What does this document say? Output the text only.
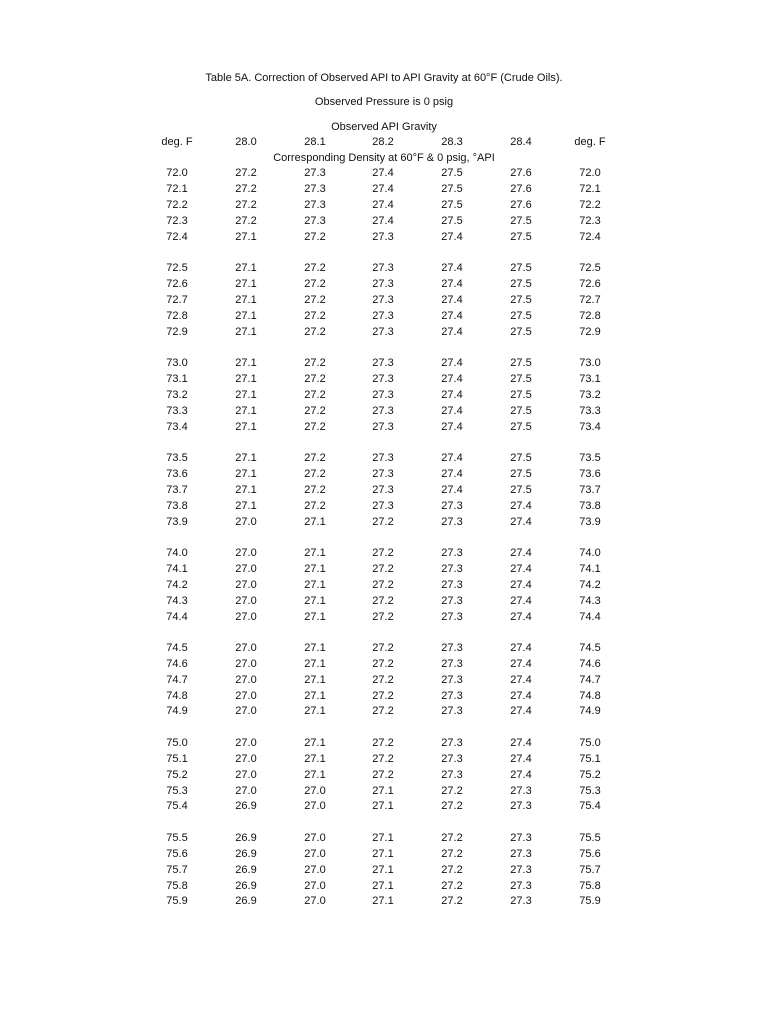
Table 5A. Correction of Observed API to API Gravity at 60°F (Crude Oils).
Observed Pressure is 0 psig
Observed API Gravity
deg. F	28.0	28.1	28.2	28.3	28.4	deg. F
Corresponding Density at 60°F & 0 psig, °API
72.0	27.2	27.3	27.4	27.5	27.6	72.0
72.1	27.2	27.3	27.4	27.5	27.6	72.1
72.2	27.2	27.3	27.4	27.5	27.6	72.2
72.3	27.2	27.3	27.4	27.5	27.5	72.3
72.4	27.1	27.2	27.3	27.4	27.5	72.4
72.5	27.1	27.2	27.3	27.4	27.5	72.5
72.6	27.1	27.2	27.3	27.4	27.5	72.6
72.7	27.1	27.2	27.3	27.4	27.5	72.7
72.8	27.1	27.2	27.3	27.4	27.5	72.8
72.9	27.1	27.2	27.3	27.4	27.5	72.9
73.0	27.1	27.2	27.3	27.4	27.5	73.0
73.1	27.1	27.2	27.3	27.4	27.5	73.1
73.2	27.1	27.2	27.3	27.4	27.5	73.2
73.3	27.1	27.2	27.3	27.4	27.5	73.3
73.4	27.1	27.2	27.3	27.4	27.5	73.4
73.5	27.1	27.2	27.3	27.4	27.5	73.5
73.6	27.1	27.2	27.3	27.4	27.5	73.6
73.7	27.1	27.2	27.3	27.4	27.5	73.7
73.8	27.1	27.2	27.3	27.3	27.4	73.8
73.9	27.0	27.1	27.2	27.3	27.4	73.9
74.0	27.0	27.1	27.2	27.3	27.4	74.0
74.1	27.0	27.1	27.2	27.3	27.4	74.1
74.2	27.0	27.1	27.2	27.3	27.4	74.2
74.3	27.0	27.1	27.2	27.3	27.4	74.3
74.4	27.0	27.1	27.2	27.3	27.4	74.4
74.5	27.0	27.1	27.2	27.3	27.4	74.5
74.6	27.0	27.1	27.2	27.3	27.4	74.6
74.7	27.0	27.1	27.2	27.3	27.4	74.7
74.8	27.0	27.1	27.2	27.3	27.4	74.8
74.9	27.0	27.1	27.2	27.3	27.4	74.9
75.0	27.0	27.1	27.2	27.3	27.4	75.0
75.1	27.0	27.1	27.2	27.3	27.4	75.1
75.2	27.0	27.1	27.2	27.3	27.4	75.2
75.3	27.0	27.0	27.1	27.2	27.3	75.3
75.4	26.9	27.0	27.1	27.2	27.3	75.4
75.5	26.9	27.0	27.1	27.2	27.3	75.5
75.6	26.9	27.0	27.1	27.2	27.3	75.6
75.7	26.9	27.0	27.1	27.2	27.3	75.7
75.8	26.9	27.0	27.1	27.2	27.3	75.8
75.9	26.9	27.0	27.1	27.2	27.3	75.9
